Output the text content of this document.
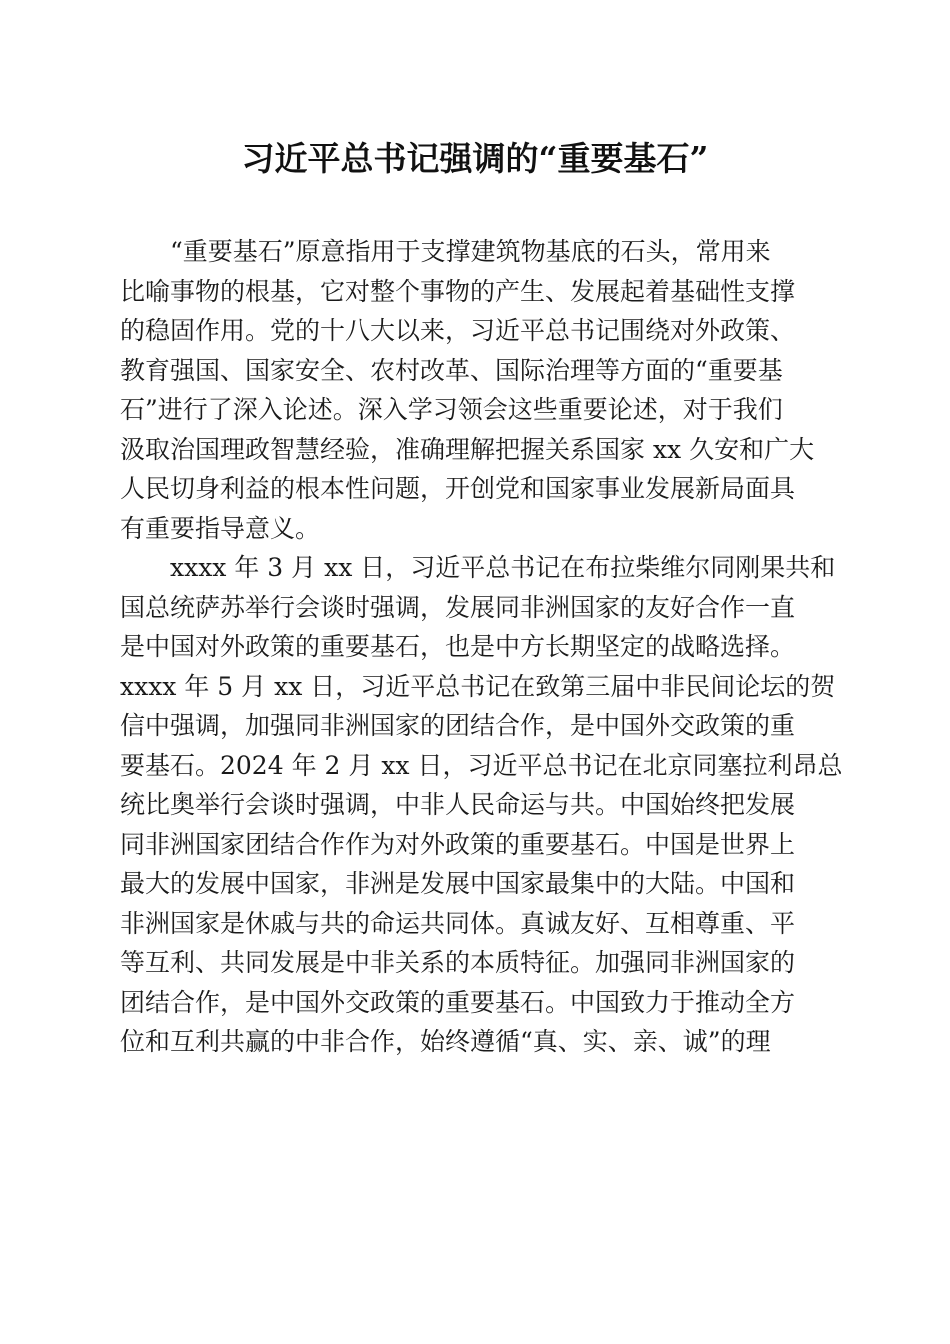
习近平总书记强调的“重要基石”
“重要基石”原意指用于支撑建筑物基底的石头，常用来
比喻事物的根基，它对整个事物的产生、发展起着基础性支撑
的稳固作用。党的十八大以来，习近平总书记围绕对外政策、
教育强国、国家安全、农村改革、国际治理等方面的“重要基
石”进行了深入论述。深入学习领会这些重要论述，对于我们
汲取治国理政智慧经验，准确理解把握关系国家 xx 久安和广大
人民切身利益的根本性问题，开创党和国家事业发展新局面具
有重要指导意义。
xxxx 年 3 月 xx 日，习近平总书记在布拉柴维尔同刚果共和
国总统萨苏举行会谈时强调，发展同非洲国家的友好合作一直
是中国对外政策的重要基石，也是中方长期坚定的战略选择。
xxxx 年 5 月 xx 日，习近平总书记在致第三届中非民间论坛的贺
信中强调，加强同非洲国家的团结合作，是中国外交政策的重
要基石。2024 年 2 月 xx 日，习近平总书记在北京同塞拉利昂总
统比奥举行会谈时强调，中非人民命运与共。中国始终把发展
同非洲国家团结合作作为对外政策的重要基石。中国是世界上
最大的发展中国家，非洲是发展中国家最集中的大陆。中国和
非洲国家是休戚与共的命运共同体。真诚友好、互相尊重、平
等互利、共同发展是中非关系的本质特征。加强同非洲国家的
团结合作，是中国外交政策的重要基石。中国致力于推动全方
位和互利共赢的中非合作，始终遵循“真、实、亲、诚”的理
